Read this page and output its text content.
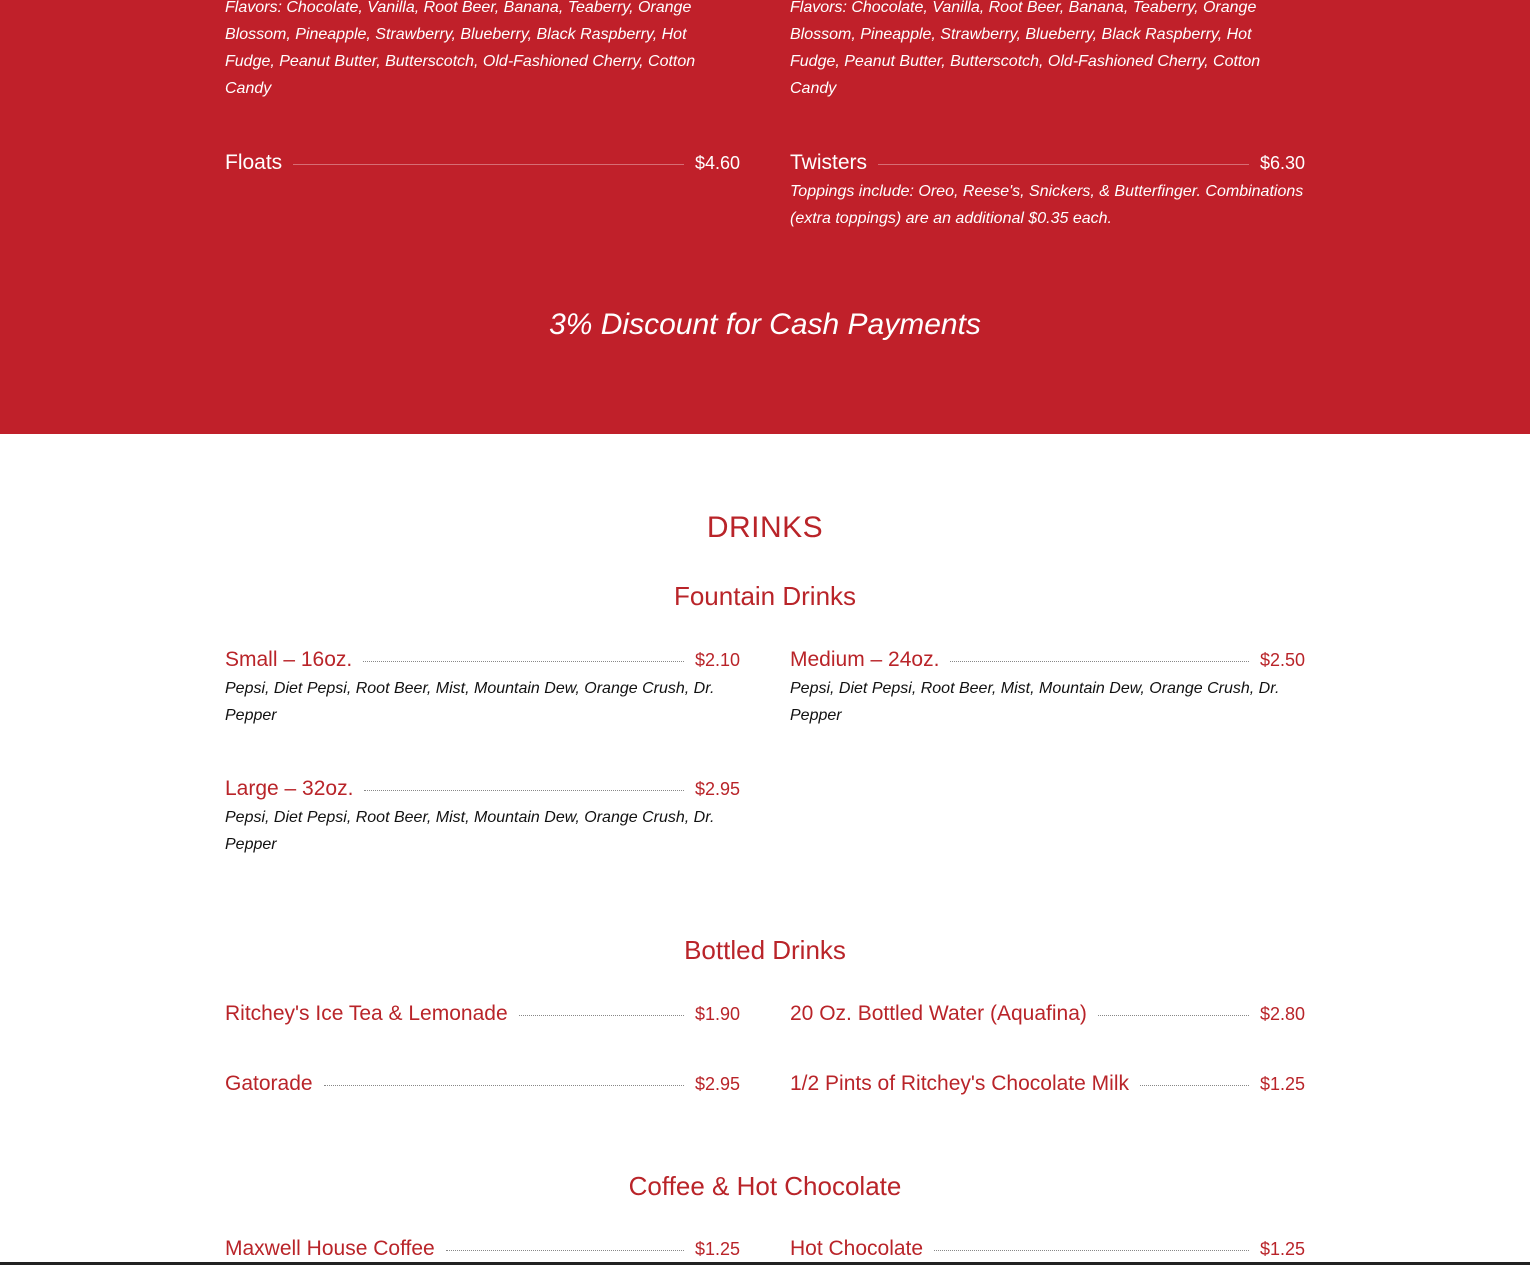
Flavors: Chocolate, Vanilla, Root Beer, Banana, Teaberry, Orange Blossom, Pineapple, Strawberry, Blueberry, Black Raspberry, Hot Fudge, Peanut Butter, Butterscotch, Old-Fashioned Cherry, Cotton Candy

Flavors: Chocolate, Vanilla, Root Beer, Banana, Teaberry, Orange Blossom, Pineapple, Strawberry, Blueberry, Black Raspberry, Hot Fudge, Peanut Butter, Butterscotch, Old-Fashioned Cherry, Cotton Candy

Floats	$4.60 Twisters	$6.30

Toppings include: Oreo, Reese's, Snickers, & Butterfinger. Combinations (extra toppings) are an additional $0.35 each.

3% Discount for Cash Payments
DRINKS
Fountain Drinks
Small – 16oz.	$2.10

Pepsi, Diet Pepsi, Root Beer, Mist, Mountain Dew, Orange Crush, Dr. Pepper

Medium – 24oz.	$2.50

Pepsi, Diet Pepsi, Root Beer, Mist, Mountain Dew, Orange Crush, Dr. Pepper

Large – 32oz.	$2.95

Pepsi, Diet Pepsi, Root Beer, Mist, Mountain Dew, Orange Crush, Dr. Pepper

Bottled Drinks
Ritchey's Ice Tea & Lemonade	$1.90 20 Oz. Bottled Water (Aquafina)	$2.80
Gatorade	$2.95 1/2 Pints of Ritchey's Chocolate Milk	$1.25
Coffee & Hot Chocolate
Maxwell House Coffee	$1.25 Hot Chocolate	$1.25
